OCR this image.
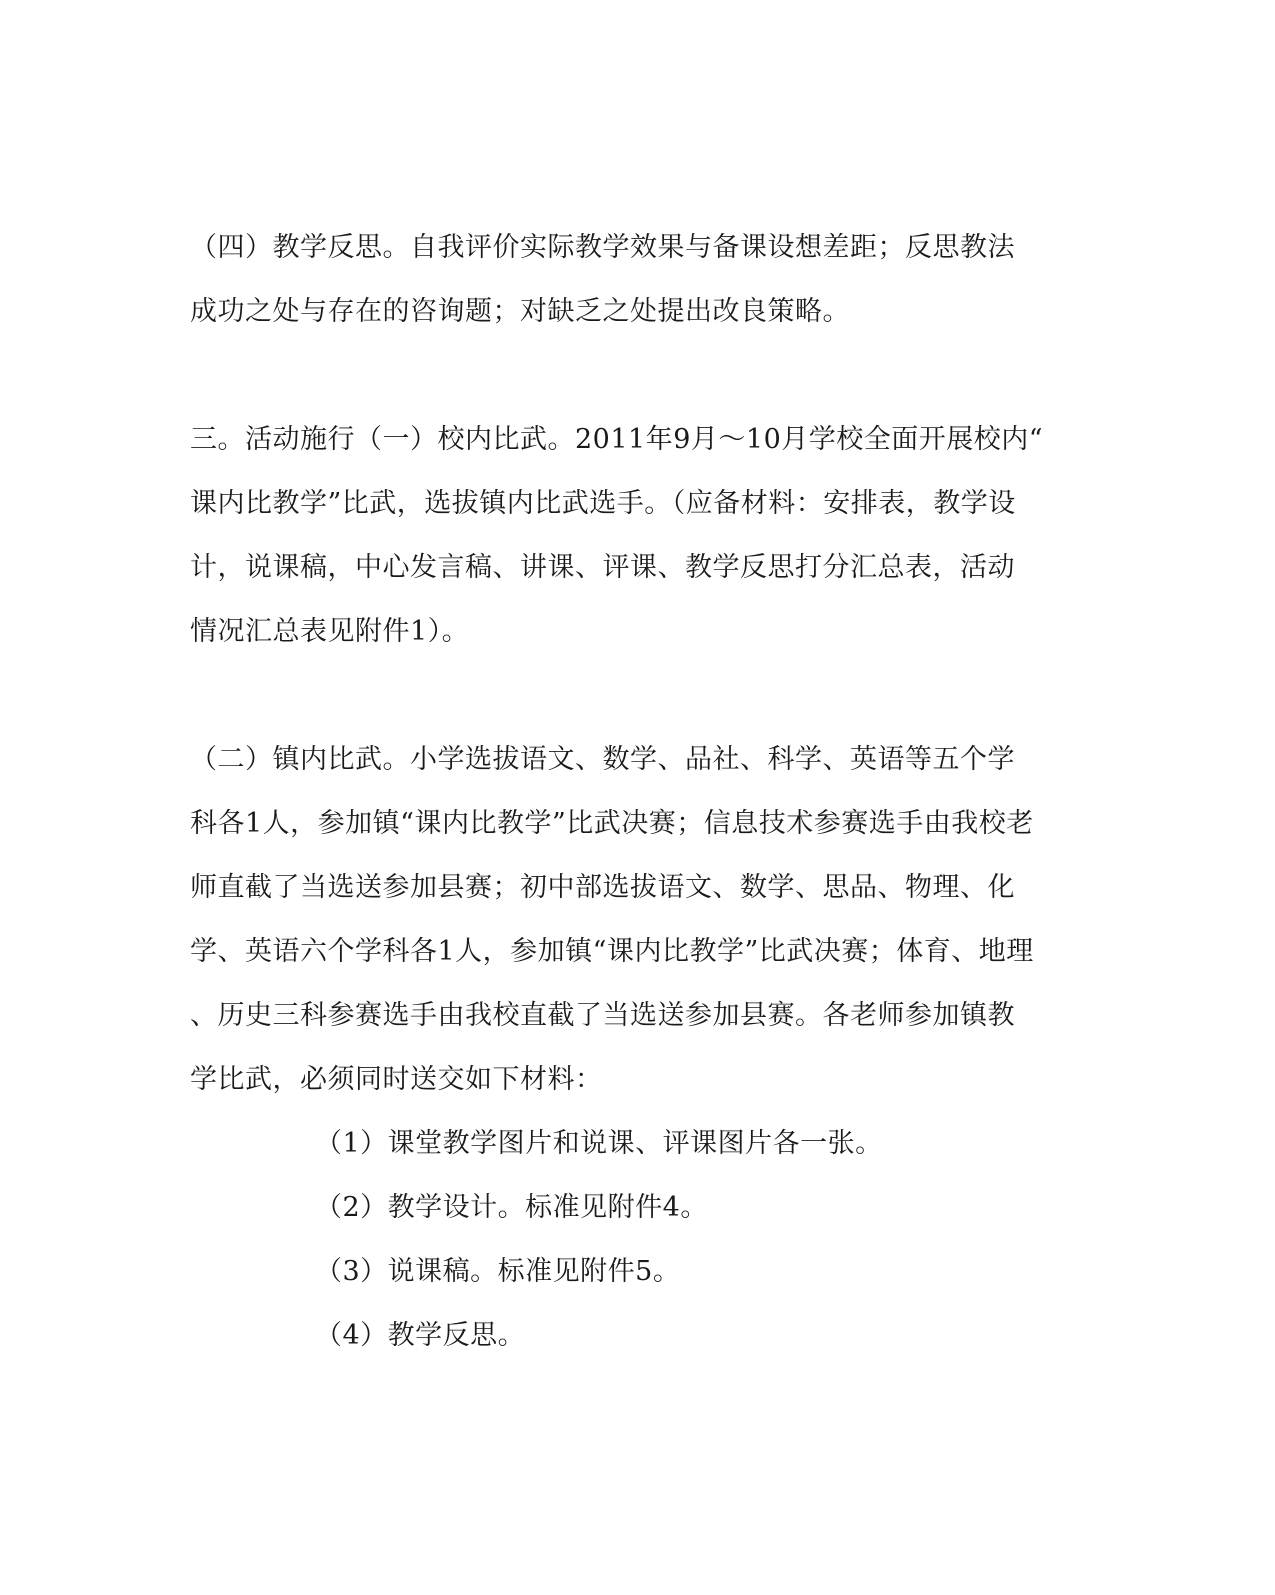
（四）教学反思。自我评价实际教学效果与备课设想差距；反思教法
成功之处与存在的咨询题；对缺乏之处提出改良策略。
三。活动施行（一）校内比武。2011年9月～10月学校全面开展校内“
课内比教学”比武，选拔镇内比武选手。（应备材料：安排表，教学设
计，说课稿，中心发言稿、讲课、评课、教学反思打分汇总表，活动
情况汇总表见附件1）。
（二）镇内比武。小学选拔语文、数学、品社、科学、英语等五个学
科各1人，参加镇“课内比教学”比武决赛；信息技术参赛选手由我校老
师直截了当选送参加县赛；初中部选拔语文、数学、思品、物理、化
学、英语六个学科各1人，参加镇“课内比教学”比武决赛；体育、地理
、历史三科参赛选手由我校直截了当选送参加县赛。各老师参加镇教
学比武，必须同时送交如下材料：
（1）课堂教学图片和说课、评课图片各一张。
（2）教学设计。标准见附件4。
（3）说课稿。标准见附件5。
（4）教学反思。
